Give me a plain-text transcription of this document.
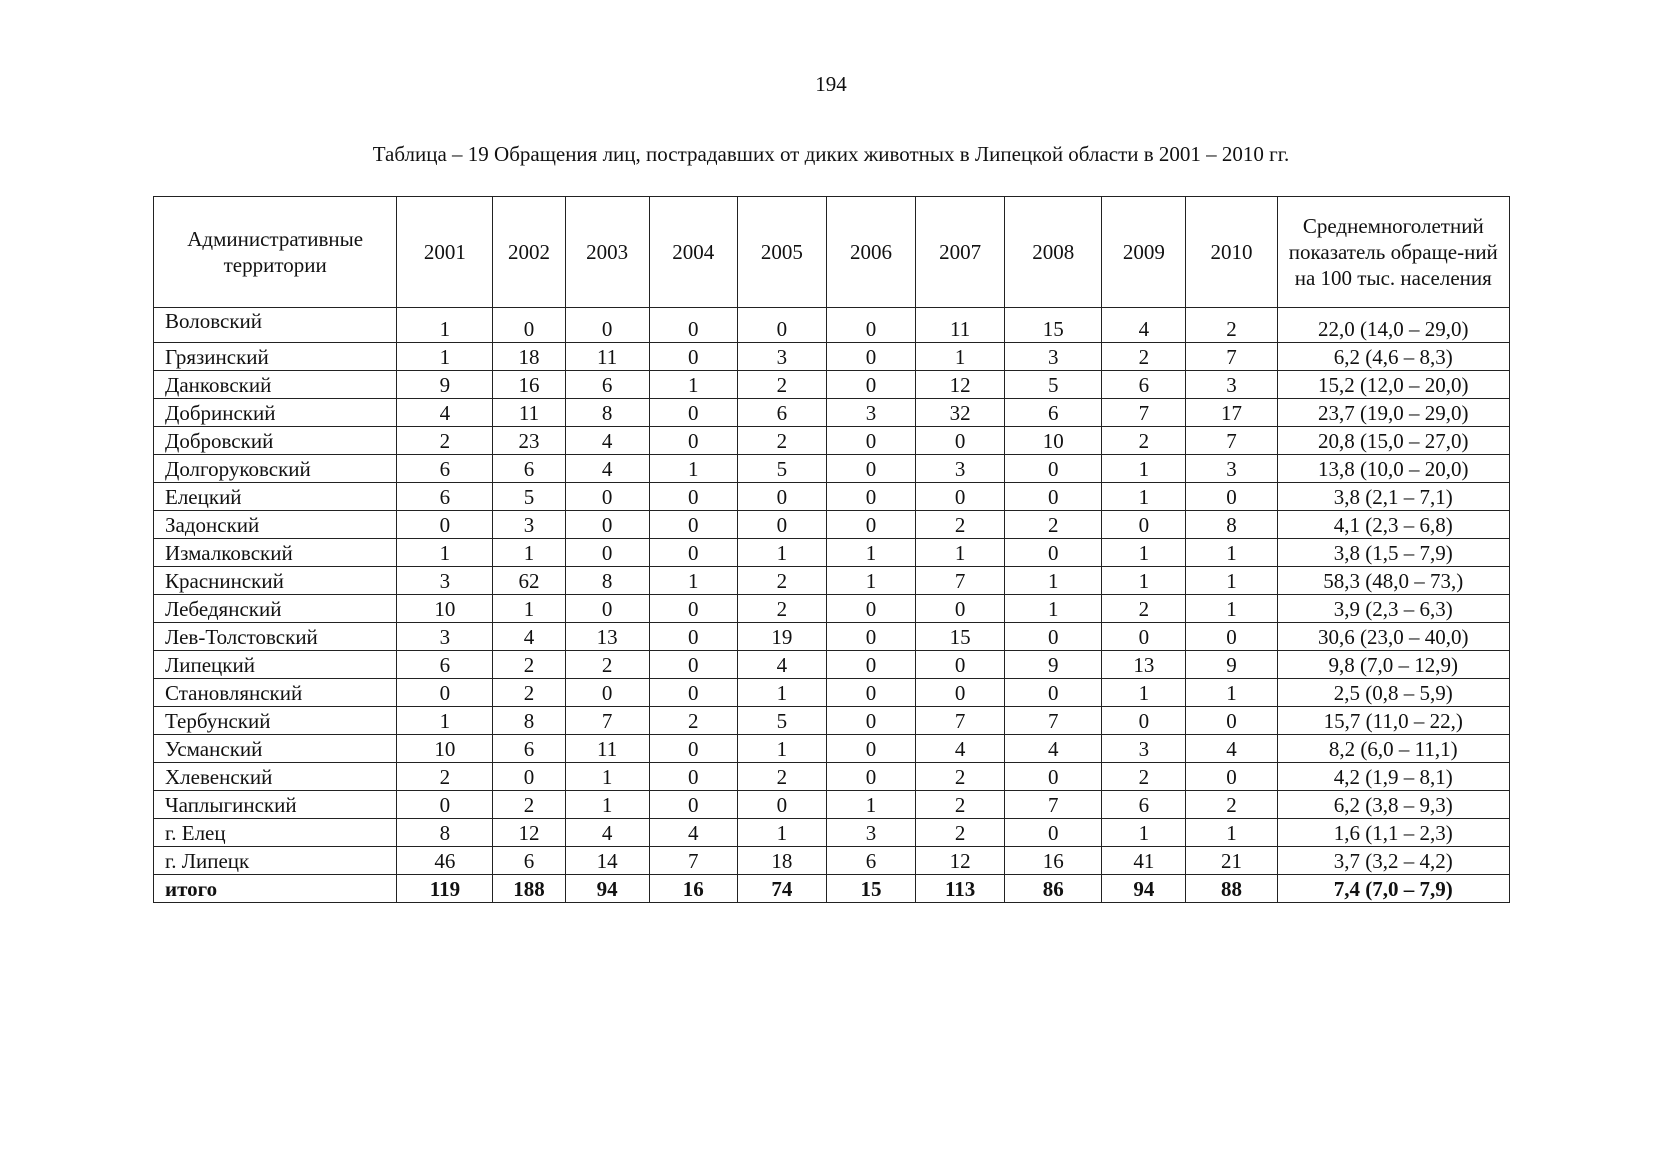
194
Таблица – 19 Обращения лиц, пострадавших от диких животных в Липецкой области в 2001 – 2010 гг.
Административные территории	2001	2002	2003	2004	2005	2006	2007	2008	2009	2010	Среднемноголетний показатель обраще-ний на 100 тыс. населения
Воловский	1	0	0	0	0	0	11	15	4	2	22,0 (14,0 – 29,0)
Грязинский	1	18	11	0	3	0	1	3	2	7	6,2 (4,6 – 8,3)
Данковский	9	16	6	1	2	0	12	5	6	3	15,2 (12,0 – 20,0)
Добринский	4	11	8	0	6	3	32	6	7	17	23,7 (19,0 – 29,0)
Добровский	2	23	4	0	2	0	0	10	2	7	20,8 (15,0 – 27,0)
Долгоруковский	6	6	4	1	5	0	3	0	1	3	13,8 (10,0 – 20,0)
Елецкий	6	5	0	0	0	0	0	0	1	0	3,8 (2,1 – 7,1)
Задонский	0	3	0	0	0	0	2	2	0	8	4,1 (2,3 – 6,8)
Измалковский	1	1	0	0	1	1	1	0	1	1	3,8 (1,5 – 7,9)
Краснинский	3	62	8	1	2	1	7	1	1	1	58,3 (48,0 – 73,)
Лебедянский	10	1	0	0	2	0	0	1	2	1	3,9 (2,3 – 6,3)
Лев-Толстовский	3	4	13	0	19	0	15	0	0	0	30,6 (23,0 – 40,0)
Липецкий	6	2	2	0	4	0	0	9	13	9	9,8 (7,0 – 12,9)
Становлянский	0	2	0	0	1	0	0	0	1	1	2,5 (0,8 – 5,9)
Тербунский	1	8	7	2	5	0	7	7	0	0	15,7 (11,0 – 22,)
Усманский	10	6	11	0	1	0	4	4	3	4	8,2 (6,0 – 11,1)
Хлевенский	2	0	1	0	2	0	2	0	2	0	4,2 (1,9 – 8,1)
Чаплыгинский	0	2	1	0	0	1	2	7	6	2	6,2 (3,8 – 9,3)
г. Елец	8	12	4	4	1	3	2	0	1	1	1,6 (1,1 – 2,3)
г. Липецк	46	6	14	7	18	6	12	16	41	21	3,7 (3,2 – 4,2)
итого	119	188	94	16	74	15	113	86	94	88	7,4 (7,0 – 7,9)
